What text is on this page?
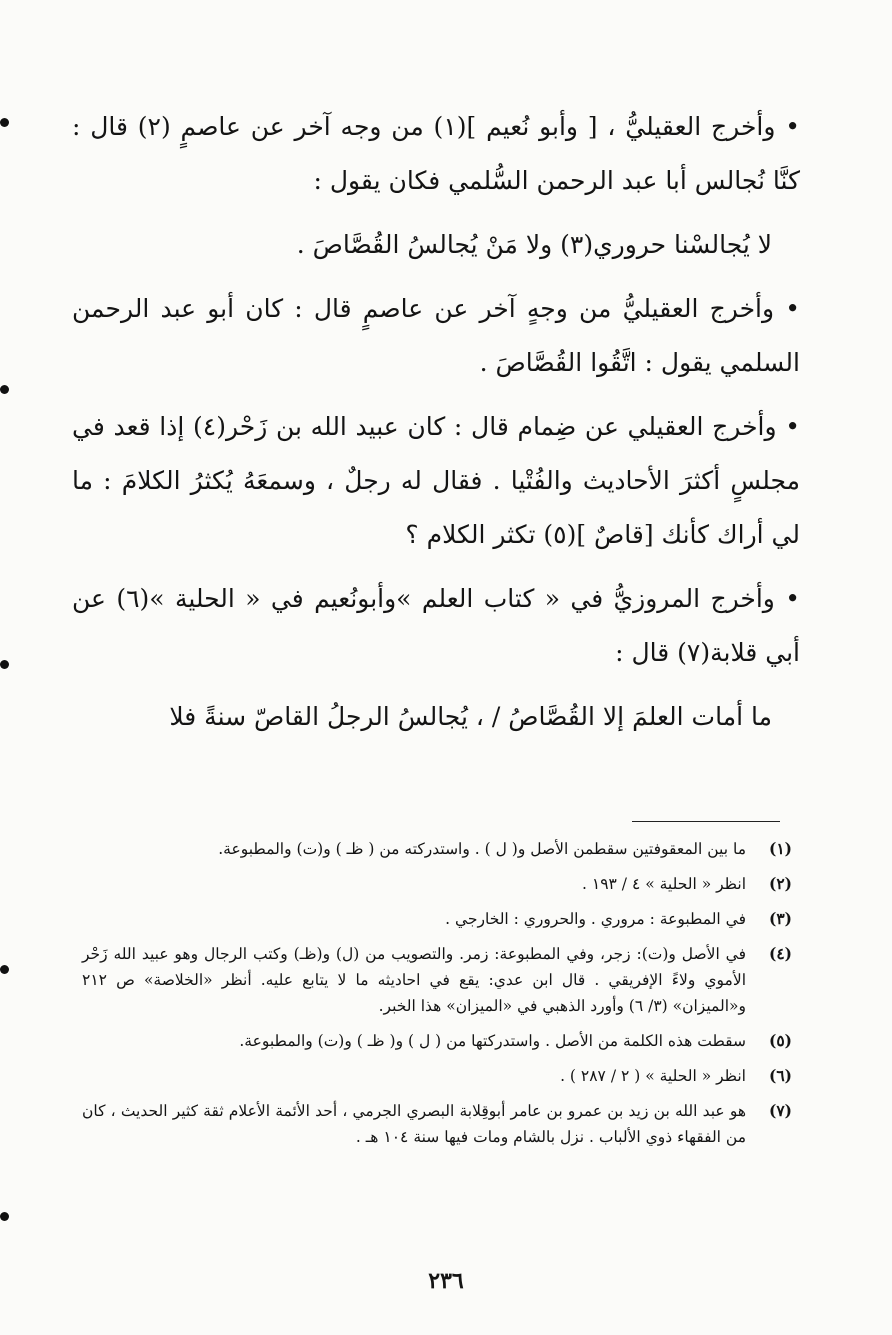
• وأخرج العقيليُّ ، [ وأبو نُعيم ](١) من وجه آخر عن عاصمٍ (٢) قال : كنَّا نُجالس أبا عبد الرحمن السُّلمي فكان يقول :

لا يُجالسْنا حروري(٣) ولا مَنْ يُجالسُ القُصَّاصَ .

• وأخرج العقيليُّ من وجهٍ آخر عن عاصمٍ قال : كان أبو عبد الرحمن السلمي يقول : اتَّقُوا القُصَّاصَ .

• وأخرج العقيلي عن ضِمام قال : كان عبيد الله بن زَحْر(٤) إذا قعد في مجلسٍ أكثرَ الأحاديث والفُتْيا . فقال له رجلٌ ، وسمعَهُ يُكثرُ الكلامَ : ما لي أراك كأنك [قاصٌ ](٥) تكثر الكلام ؟

• وأخرج المروزيُّ في « كتاب العلم »وأبونُعيم في « الحلية »(٦) عن أبي قلابة(٧) قال :

ما أمات العلمَ إلا القُصَّاصُ / ، يُجالسُ الرجلُ القاصّ سنةً فلا

(١)
ما بين المعقوفتين سقطمن الأصل و( ل ) . واستدركته من ( ظـ ) و(ت) والمطبوعة.
(٢)
انظر « الحلية » ٤ / ١٩٣ .
(٣)
في المطبوعة : مروري . والحروري : الخارجي .
(٤)
في الأصل و(ت): زجر، وفي المطبوعة: زمر. والتصويب من (ل) و(ظـ) وكتب الرجال وهو عبيد الله زَحْر الأموي ولاءً الإفريقي . قال ابن عدي: يقع في احاديثه ما لا يتابع عليه. أنظر «الخلاصة» ص ٢١٢ و«الميزان» (٣/ ٦) وأورد الذهبي في «الميزان» هذا الخبر.
(٥)
سقطت هذه الكلمة من الأصل . واستدركتها من ( ل ) و( ظـ ) و(ت) والمطبوعة.
(٦)
انظر « الحلية » ( ٢ / ٢٨٧ ) .
(٧)
هو عبد الله بن زيد بن عمرو بن عامر أبوقِلابة البصري الجرمي ، أحد الأئمة الأعلام ثقة كثير الحديث ، كان من الفقهاء ذوي الألباب . نزل بالشام ومات فيها سنة ١٠٤ هـ .
٢٣٦
